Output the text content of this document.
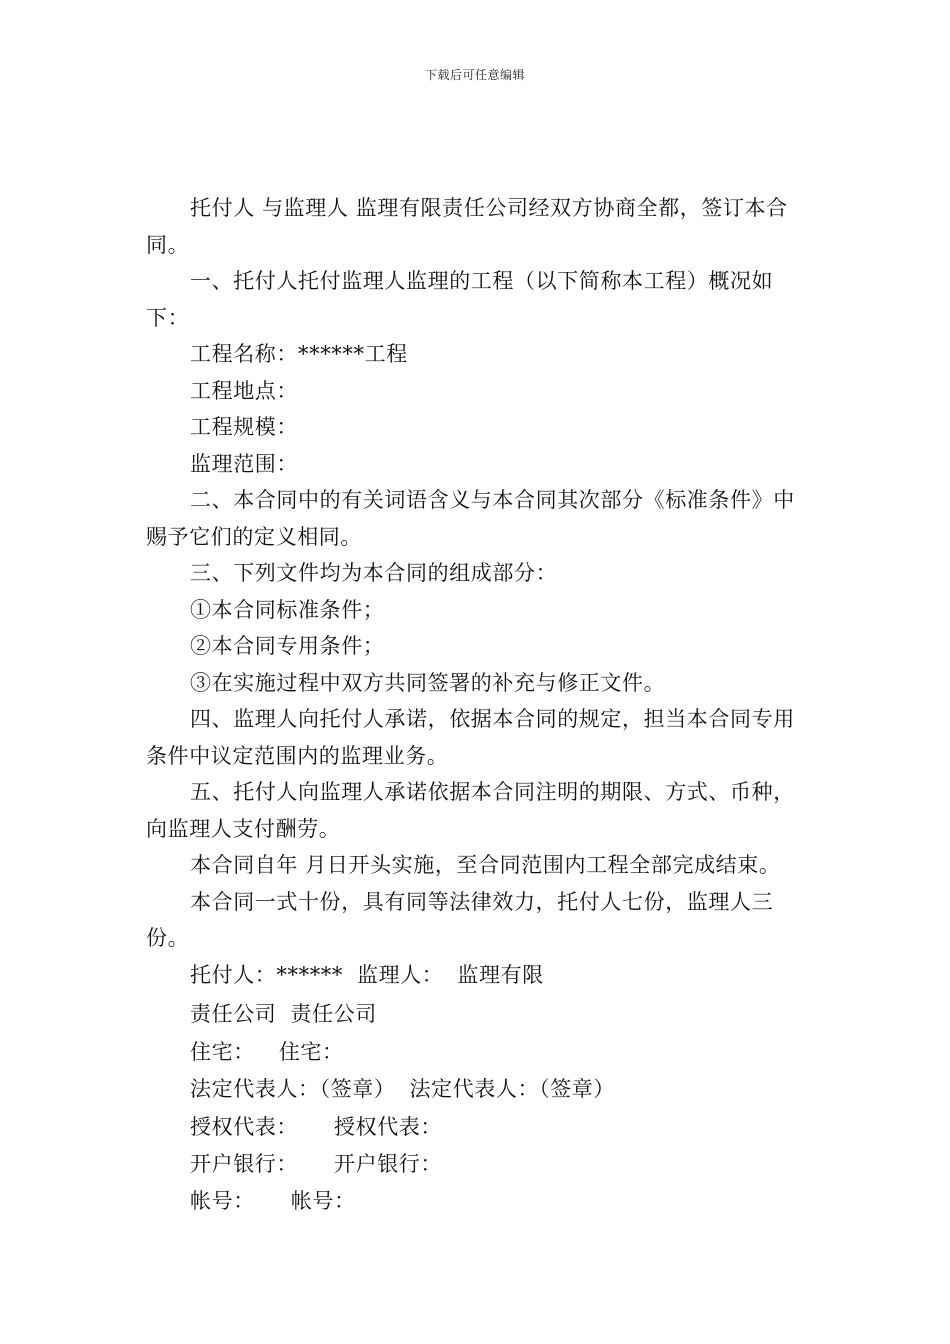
下载后可任意编辑

托付人 与监理人 监理有限责任公司经双方协商全都，签订本合同。

一、托付人托付监理人监理的工程（以下简称本工程）概况如下：

工程名称：******工程

工程地点：

工程规模：

监理范围：

二、本合同中的有关词语含义与本合同其次部分《标准条件》中赐予它们的定义相同。

三、下列文件均为本合同的组成部分：

①本合同标准条件；

②本合同专用条件；

③在实施过程中双方共同签署的补充与修正文件。

四、监理人向托付人承诺，依据本合同的规定，担当本合同专用条件中议定范围内的监理业务。

五、托付人向监理人承诺依据本合同注明的期限、方式、币种，向监理人支付酬劳。

本合同自年 月日开头实施，至合同范围内工程全部完成结束。

本合同一式十份，具有同等法律效力，托付人七份，监理人三份。

托付人：****** 监理人： 监理有限

责任公司 责任公司

住宅： 住宅：

法定代表人：（签章） 法定代表人：（签章）

授权代表： 授权代表：

开户银行： 开户银行：

帐号： 帐号：
